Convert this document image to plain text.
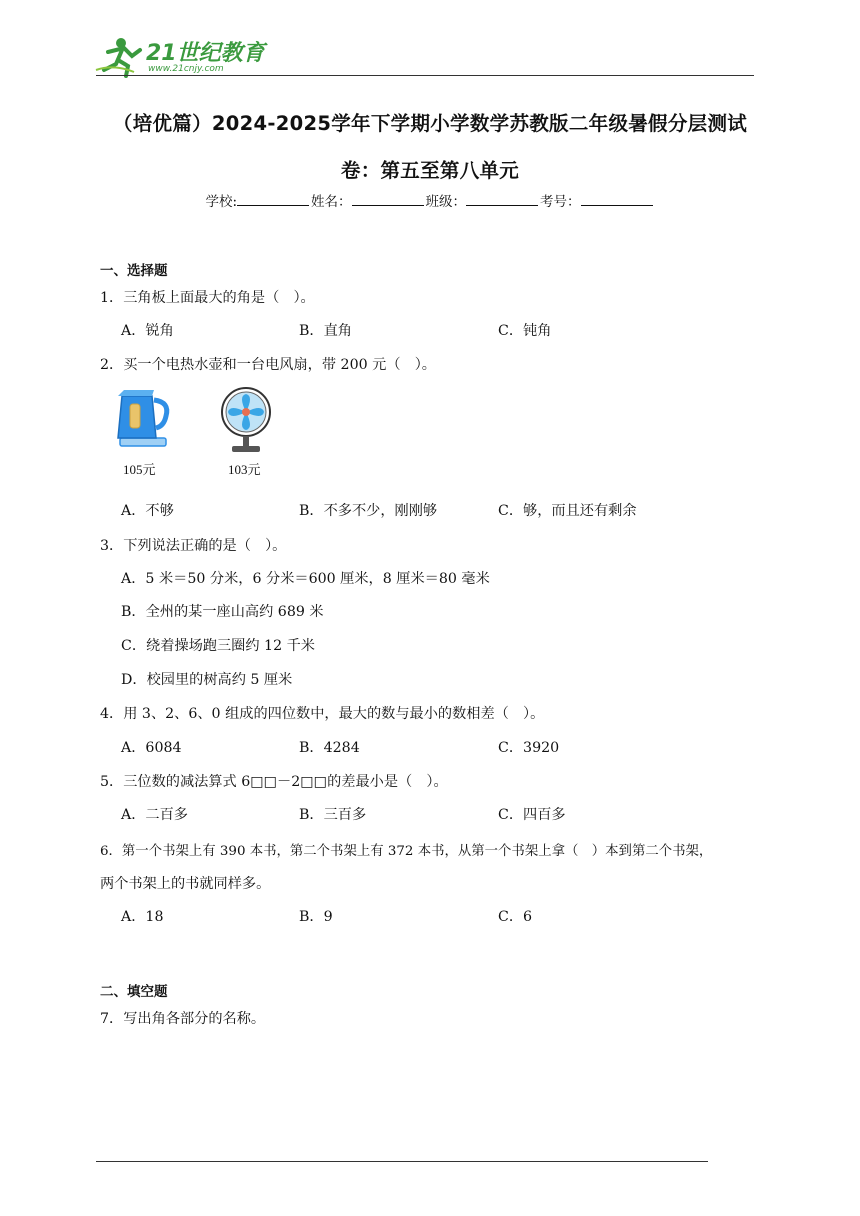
21世纪教育
www.21cnjy.com
（培优篇）2024-2025学年下学期小学数学苏教版二年级暑假分层测试
卷：第五至第八单元
学校:	姓名：	班级：	考号：
一、选择题
1．三角板上面最大的角是（　）。
A．锐角	B．直角	C．钝角
2．买一个电热水壶和一台电风扇，带 200 元（　）。
105元	103元
A．不够	B．不多不少，刚刚够	C．够，而且还有剩余
3．下列说法正确的是（　）。
A．5 米＝50 分米，6 分米＝600 厘米，8 厘米＝80 毫米
B．全州的某一座山高约 689 米
C．绕着操场跑三圈约 12 千米
D．校园里的树高约 5 厘米
4．用 3、2、6、0 组成的四位数中，最大的数与最小的数相差（　）。
A．6084	B．4284	C．3920
5．三位数的减法算式 6□□－2□□的差最小是（　）。
A．二百多	B．三百多	C．四百多
6．第一个书架上有 390 本书，第二个书架上有 372 本书，从第一个书架上拿（　）本到第二个书架，
两个书架上的书就同样多。
A．18	B．9	C．6
二、填空题
7．写出角各部分的名称。
